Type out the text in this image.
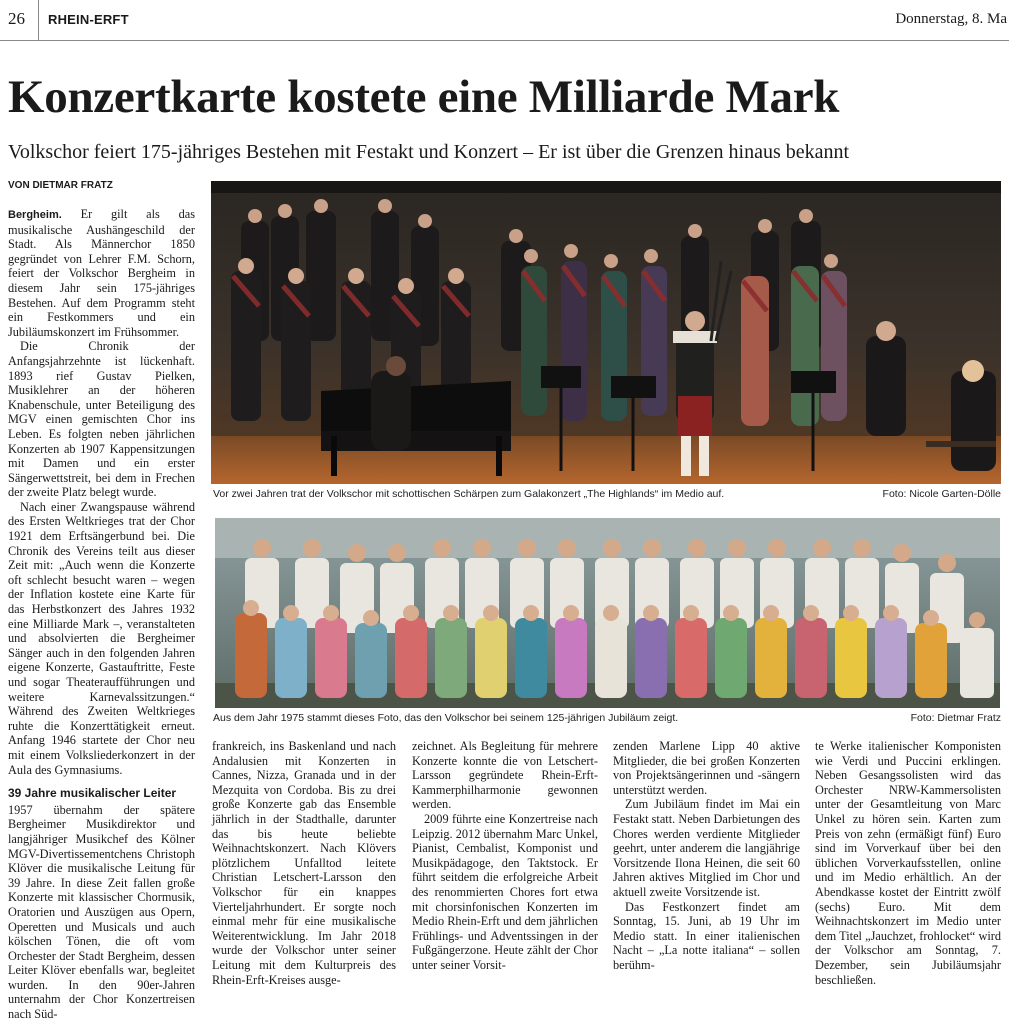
26 RHEIN-ERFT	Donnerstag, 8. Ma
Konzertkarte kostete eine Milliarde Mark
Volkschor feiert 175-jähriges Bestehen mit Festakt und Konzert – Er ist über die Grenzen hinaus bekannt
VON DIETMAR FRATZ

Bergheim. Er gilt als das musikalische Aushängeschild der Stadt. Als Männerchor 1850 gegründet von Lehrer F.M. Schorn, feiert der Volkschor Bergheim in diesem Jahr sein 175-jähriges Bestehen. Auf dem Programm steht ein Festkommers und ein Jubiläumskonzert im Frühsommer.

Die Chronik der Anfangsjahrzehnte ist lückenhaft. 1893 rief Gustav Pielken, Musiklehrer an der höheren Knabenschule, unter Beteiligung des MGV einen gemischten Chor ins Leben. Es folgten neben jährlichen Konzerten ab 1907 Kappensitzungen mit Damen und ein erster Sängerwettstreit, bei dem in Frechen der zweite Platz belegt wurde.

Nach einer Zwangspause während des Ersten Weltkrieges trat der Chor 1921 dem Erftsängerbund bei. Die Chronik des Vereins teilt aus dieser Zeit mit: „Auch wenn die Konzerte oft schlecht besucht waren – wegen der Inflation kostete eine Karte für das Herbstkonzert des Jahres 1932 eine Milliarde Mark –, veranstalteten und absolvierten die Bergheimer Sänger auch in den folgenden Jahren eigene Konzerte, Gastauftritte, Feste und sogar Theateraufführungen und weitere Karnevalssitzungen.“ Während des Zweiten Weltkrieges ruhte die Konzerttätigkeit erneut. Anfang 1946 startete der Chor neu mit einem Volksliederkonzert in der Aula des Gymnasiums.

39 Jahre musikalischer Leiter

1957 übernahm der spätere Bergheimer Musikdirektor und langjähriger Musikchef des Kölner MGV-Divertissementchens Christoph Klöver die musikalische Leitung für 39 Jahre. In diese Zeit fallen große Konzerte mit klassischer Chormusik, Oratorien und Auszügen aus Opern, Operetten und Musicals und auch kölschen Tönen, die oft vom Orchester der Stadt Bergheim, dessen Leiter Klöver ebenfalls war, begleitet wurden. In den 90er-Jahren unternahm der Chor Konzertreisen nach Süd-

Vor zwei Jahren trat der Volkschor mit schottischen Schärpen zum Galakonzert „The Highlands“ im Medio auf.	Foto: Nicole Garten-Dölle
Aus dem Jahr 1975 stammt dieses Foto, das den Volkschor bei seinem 125-jährigen Jubiläum zeigt.	Foto: Dietmar Fratz

frankreich, ins Baskenland und nach Andalusien mit Konzerten in Cannes, Nizza, Granada und in der Mezquita von Cordoba. Bis zu drei große Konzerte gab das Ensemble jährlich in der Stadthalle, darunter das bis heute beliebte Weihnachtskonzert. Nach Klövers plötzlichem Unfalltod leitete Christian Letschert-Larsson den Volkschor für ein knappes Vierteljahrhundert. Er sorgte noch einmal mehr für eine musikalische Weiterentwicklung. Im Jahr 2018 wurde der Volkschor unter seiner Leitung mit dem Kulturpreis des Rhein-Erft-Kreises ausge-

zeichnet. Als Begleitung für mehrere Konzerte konnte die von Letschert-Larsson gegründete Rhein-Erft-Kammerphilharmonie gewonnen werden.

2009 führte eine Konzertreise nach Leipzig. 2012 übernahm Marc Unkel, Pianist, Cembalist, Komponist und Musikpädagoge, den Taktstock. Er führt seitdem die erfolgreiche Arbeit des renommierten Chores fort etwa mit chorsinfonischen Konzerten im Medio Rhein-Erft und dem jährlichen Frühlings- und Adventssingen in der Fußgängerzone. Heute zählt der Chor unter seiner Vorsit-

zenden Marlene Lipp 40 aktive Mitglieder, die bei großen Konzerten von Projektsängerinnen und -sängern unterstützt werden.

Zum Jubiläum findet im Mai ein Festakt statt. Neben Darbietungen des Chores werden verdiente Mitglieder geehrt, unter anderem die langjährige Vorsitzende Ilona Heinen, die seit 60 Jahren aktives Mitglied im Chor und aktuell zweite Vorsitzende ist.

Das Festkonzert findet am Sonntag, 15. Juni, ab 19 Uhr im Medio statt. In einer italienischen Nacht – „La notte italiana“ – sollen berühm-

te Werke italienischer Komponisten wie Verdi und Puccini erklingen. Neben Gesangssolisten wird das Orchester NRW-Kammersolisten unter der Gesamtleitung von Marc Unkel zu hören sein. Karten zum Preis von zehn (ermäßigt fünf) Euro sind im Vorverkauf über bei den üblichen Vorverkaufsstellen, online und im Medio erhältlich. An der Abendkasse kostet der Eintritt zwölf (sechs) Euro. Mit dem Weihnachtskonzert im Medio unter dem Titel „Jauchzet, frohlocket“ wird der Volkschor am Sonntag, 7. Dezember, sein Jubiläumsjahr beschließen.
